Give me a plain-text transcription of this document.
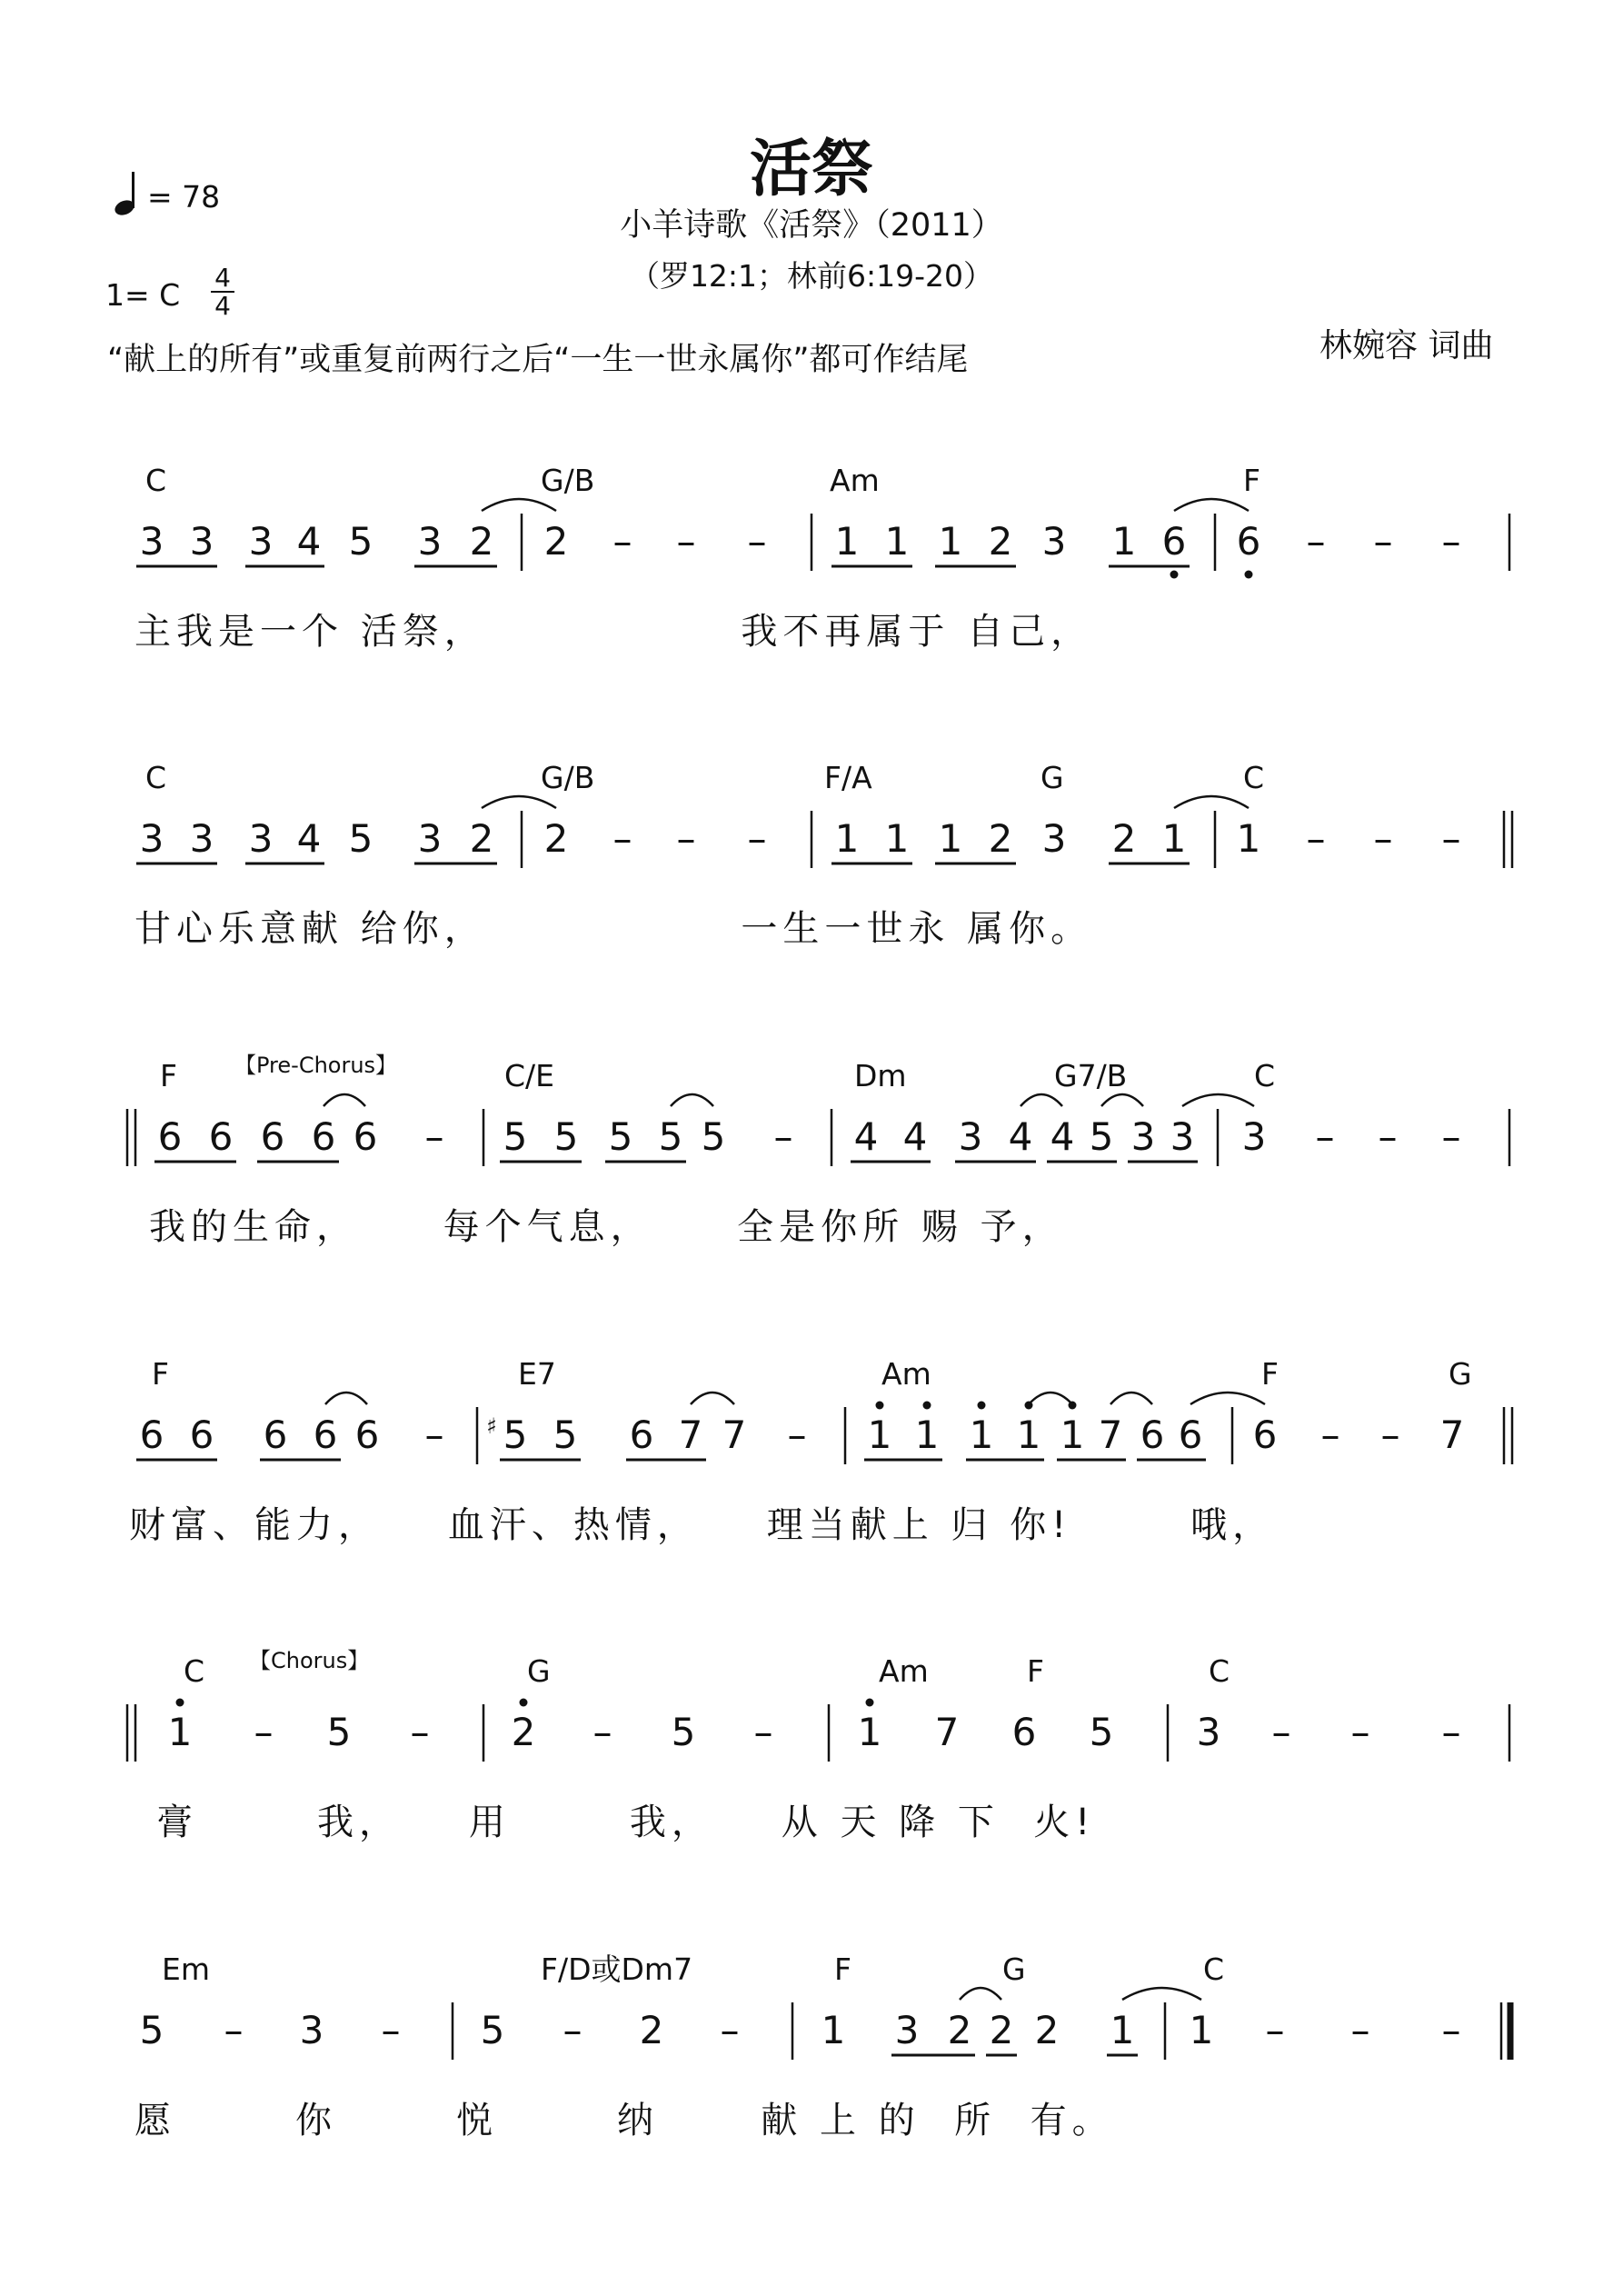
活祭
小羊诗歌《活祭》（2011）
（罗12:1；林前6:19-20）
= 78
1= C 4
4
“献上的所有”或重复前两行之后“一生一世永属你”都可作结尾	林婉容 词曲
C	G/B	Am	F
3 3 3 4 5 3 2 2 – – – 1 1 1 2 3 1 6 6 – – –
主我是一个 活祭，               我不再属于 自己，
C	G/B	F/A	G	C
3 3 3 4 5 3 2 2 – – – 1 1 1 2 3 2 1 1 – – –
甘心乐意献 给你，               一生一世永 属你。
F	C/E	Dm	G7/B	C
【Pre-Chorus】
6 6 6 6 6 – 5 5 5 5 5 – 4 4 3 4 4 5 3 3 3 – – –
我的生命，     每个气息，     全是你所 赐 予，
F	E7	Am	F	G
6 6 6 6 6 – 5
♯ 5 6 7 7 – 1 1 1 1 1 7 6 6 6 – – 7
财富、能力，    血汗、热情，    理当献上 归 你!       哦，
C	G	Am	F	C
【Chorus】
1 – 5 – 2 – 5 – 1 7 6 5 3 – – –
膏       我，    用       我，    从 天 降 下  火!
Em	F/D或Dm7	F	G	C
5 – 3 – 5 – 2 – 1 3 2 2 2 1 1 – – –
愿       你       悦       纳      献 上 的  所  有。
